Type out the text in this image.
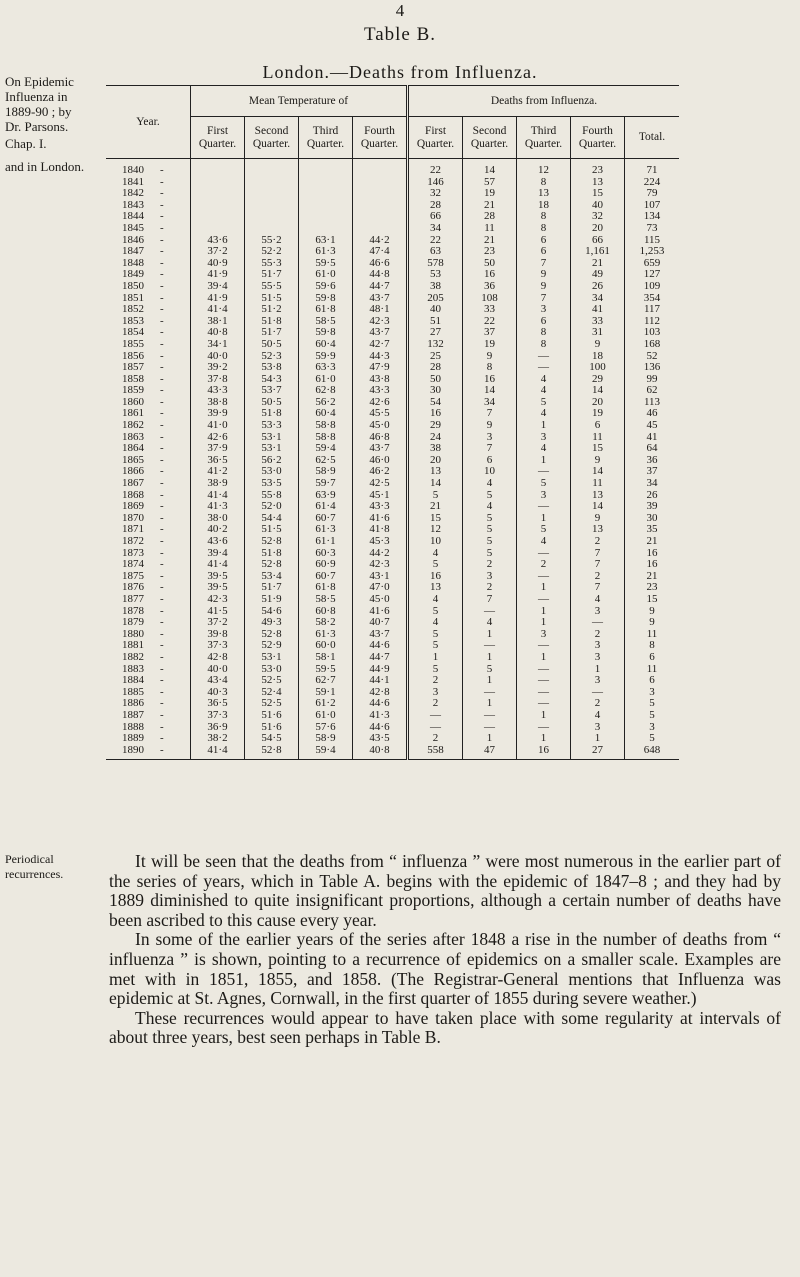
4
On Epidemic
Influenza in
1889-90 ; by
Dr. Parsons.
Chap. I.
and in London.
Table B.
London.—Deaths from Influenza.
Year.	Mean Temperature of				Deaths from Influenza.				
	First Quarter.	Second Quarter.	Third Quarter.	Fourth Quarter.	First Quarter.	Second Quarter.	Third Quarter.	Fourth Quarter.	Total.

1840 -					22	14	12	23	71
1841 -					146	57	8	13	224
1842 -					32	19	13	15	79
1843 -					28	21	18	40	107
1844 -					66	28	8	32	134
1845 -					34	11	8	20	73
1846 -	43·6	55·2	63·1	44·2	22	21	6	66	115
1847 -	37·2	52·2	61·3	47·4	63	23	6	1,161	1,253
1848 -	40·9	55·3	59·5	46·6	578	50	7	21	659
1849 -	41·9	51·7	61·0	44·8	53	16	9	49	127
1850 -	39·4	55·5	59·6	44·7	38	36	9	26	109
1851 -	41·9	51·5	59·8	43·7	205	108	7	34	354
1852 -	41·4	51·2	61·8	48·1	40	33	3	41	117
1853 -	38·1	51·8	58·5	42·3	51	22	6	33	112
1854 -	40·8	51·7	59·8	43·7	27	37	8	31	103
1855 -	34·1	50·5	60·4	42·7	132	19	8	9	168
1856 -	40·0	52·3	59·9	44·3	25	9	—	18	52
1857 -	39·2	53·8	63·3	47·9	28	8	—	100	136
1858 -	37·8	54·3	61·0	43·8	50	16	4	29	99
1859 -	43·3	53·7	62·8	43·3	30	14	4	14	62
1860 -	38·8	50·5	56·2	42·6	54	34	5	20	113
1861 -	39·9	51·8	60·4	45·5	16	7	4	19	46
1862 -	41·0	53·3	58·8	45·0	29	9	1	6	45
1863 -	42·6	53·1	58·8	46·8	24	3	3	11	41
1864 -	37·9	53·1	59·4	43·7	38	7	4	15	64
1865 -	36·5	56·2	62·5	46·0	20	6	1	9	36
1866 -	41·2	53·0	58·9	46·2	13	10	—	14	37
1867 -	38·9	53·5	59·7	42·5	14	4	5	11	34
1868 -	41·4	55·8	63·9	45·1	5	5	3	13	26
1869 -	41·3	52·0	61·4	43·3	21	4	—	14	39
1870 -	38·0	54·4	60·7	41·6	15	5	1	9	30
1871 -	40·2	51·5	61·3	41·8	12	5	5	13	35
1872 -	43·6	52·8	61·1	45·3	10	5	4	2	21
1873 -	39·4	51·8	60·3	44·2	4	5	—	7	16
1874 -	41·4	52·8	60·9	42·3	5	2	2	7	16
1875 -	39·5	53·4	60·7	43·1	16	3	—	2	21
1876 -	39·5	51·7	61·8	47·0	13	2	1	7	23
1877 -	42·3	51·9	58·5	45·0	4	7	—	4	15
1878 -	41·5	54·6	60·8	41·6	5	—	1	3	9
1879 -	37·2	49·3	58·2	40·7	4	4	1	—	9
1880 -	39·8	52·8	61·3	43·7	5	1	3	2	11
1881 -	37·3	52·9	60·0	44·6	5	—	—	3	8
1882 -	42·8	53·1	58·1	44·7	1	1	1	3	6
1883 -	40·0	53·0	59·5	44·9	5	5	—	1	11
1884 -	43·4	52·5	62·7	44·1	2	1	—	3	6
1885 -	40·3	52·4	59·1	42·8	3	—	—	—	3
1886 -	36·5	52·5	61·2	44·6	2	1	—	2	5
1887 -	37·3	51·6	61·0	41·3	—	—	1	4	5
1888 -	36·9	51·6	57·6	44·6	—	—	—	3	3
1889 -	38·2	54·5	58·9	43·5	2	1	1	1	5
1890 -	41·4	52·8	59·4	40·8	558	47	16	27	648
Periodical recurrences.

It will be seen that the deaths from “ influenza ” were most numerous in the earlier part of the series of years, which in Table A. begins with the epidemic of 1847–8 ; and they had by 1889 diminished to quite insignificant proportions, although a certain number of deaths have been ascribed to this cause every year.

In some of the earlier years of the series after 1848 a rise in the number of deaths from “ influenza ” is shown, pointing to a recurrence of epidemics on a smaller scale. Examples are met with in 1851, 1855, and 1858. (The Registrar-General mentions that Influenza was epidemic at St. Agnes, Cornwall, in the first quarter of 1855 during severe weather.)

These recurrences would appear to have taken place with some regularity at intervals of about three years, best seen perhaps in Table B.
